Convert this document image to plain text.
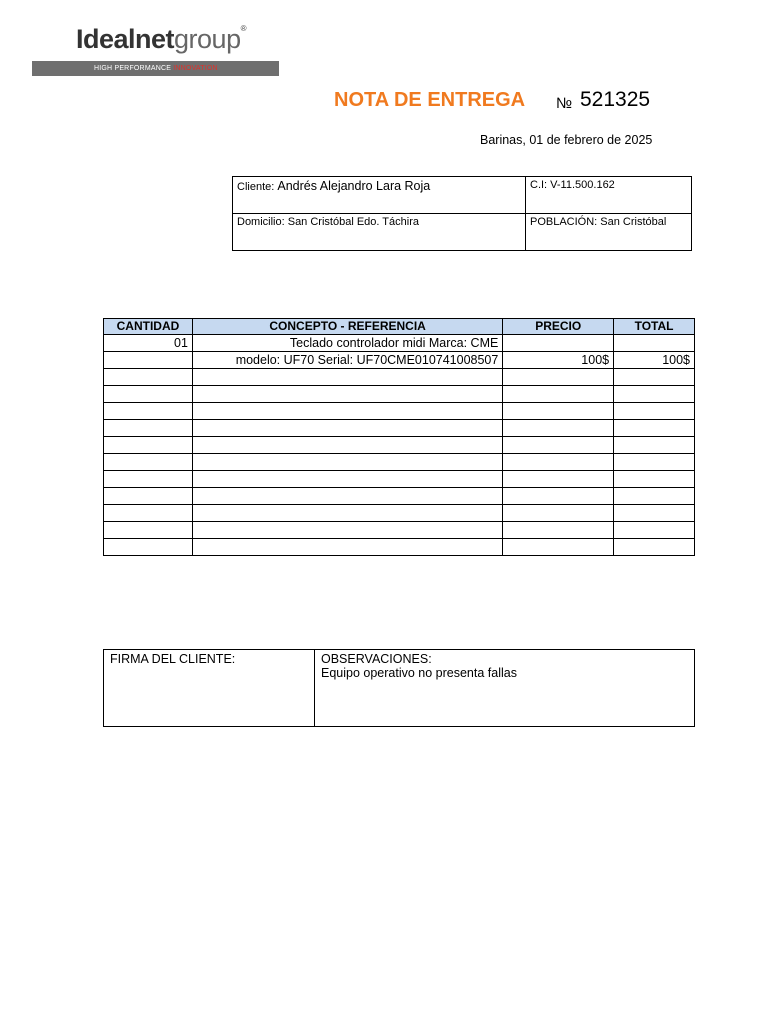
Idealnetgroup®
HIGH PERFORMANCE INNOVATION
NOTA DE ENTREGA № 521325
Barinas, 01 de febrero de 2025
Cliente: Andrés Alejandro Lara Roja	C.I: V-11.500.162
Domicilio: San Cristóbal Edo. Táchira	POBLACIÓN: San Cristóbal
CANTIDAD	CONCEPTO - REFERENCIA	PRECIO	TOTAL
01	Teclado controlador midi Marca: CME		
	modelo: UF70 Serial: UF70CME010741008507	100$	100$

FIRMA DEL CLIENTE:	OBSERVACIONES:
Equipo operativo no presenta fallas
